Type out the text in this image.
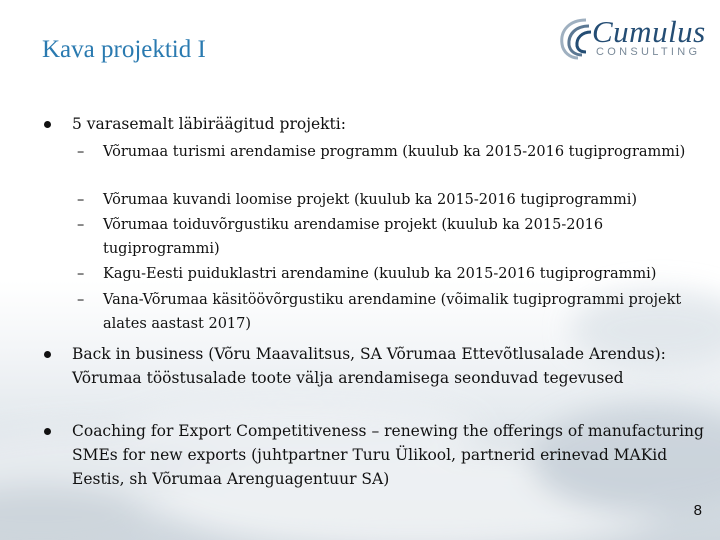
Kava projektid I
Cumulus
CONSULTING
5 varasemalt läbiräägitud projekti:
– Võrumaa turismi arendamise programm (kuulub ka 2015-2016 tugiprogrammi)
– Võrumaa kuvandi loomise projekt (kuulub ka 2015-2016 tugiprogrammi)
– Võrumaa toiduvõrgustiku arendamise projekt (kuulub ka 2015-2016 tugiprogrammi)
– Kagu-Eesti puiduklastri arendamine (kuulub ka 2015-2016 tugiprogrammi)
– Vana-Võrumaa käsitöövõrgustiku arendamine (võimalik tugiprogrammi projekt alates aastast 2017)
Back in business (Võru Maavalitsus, SA Võrumaa Ettevõtlusalade Arendus): Võrumaa tööstusalade toote välja arendamisega seonduvad tegevused
Coaching for Export Competitiveness – renewing the offerings of manufacturing SMEs for new exports (juhtpartner Turu Ülikool, partnerid erinevad MAKid Eestis, sh Võrumaa Arenguagentuur SA)
8
